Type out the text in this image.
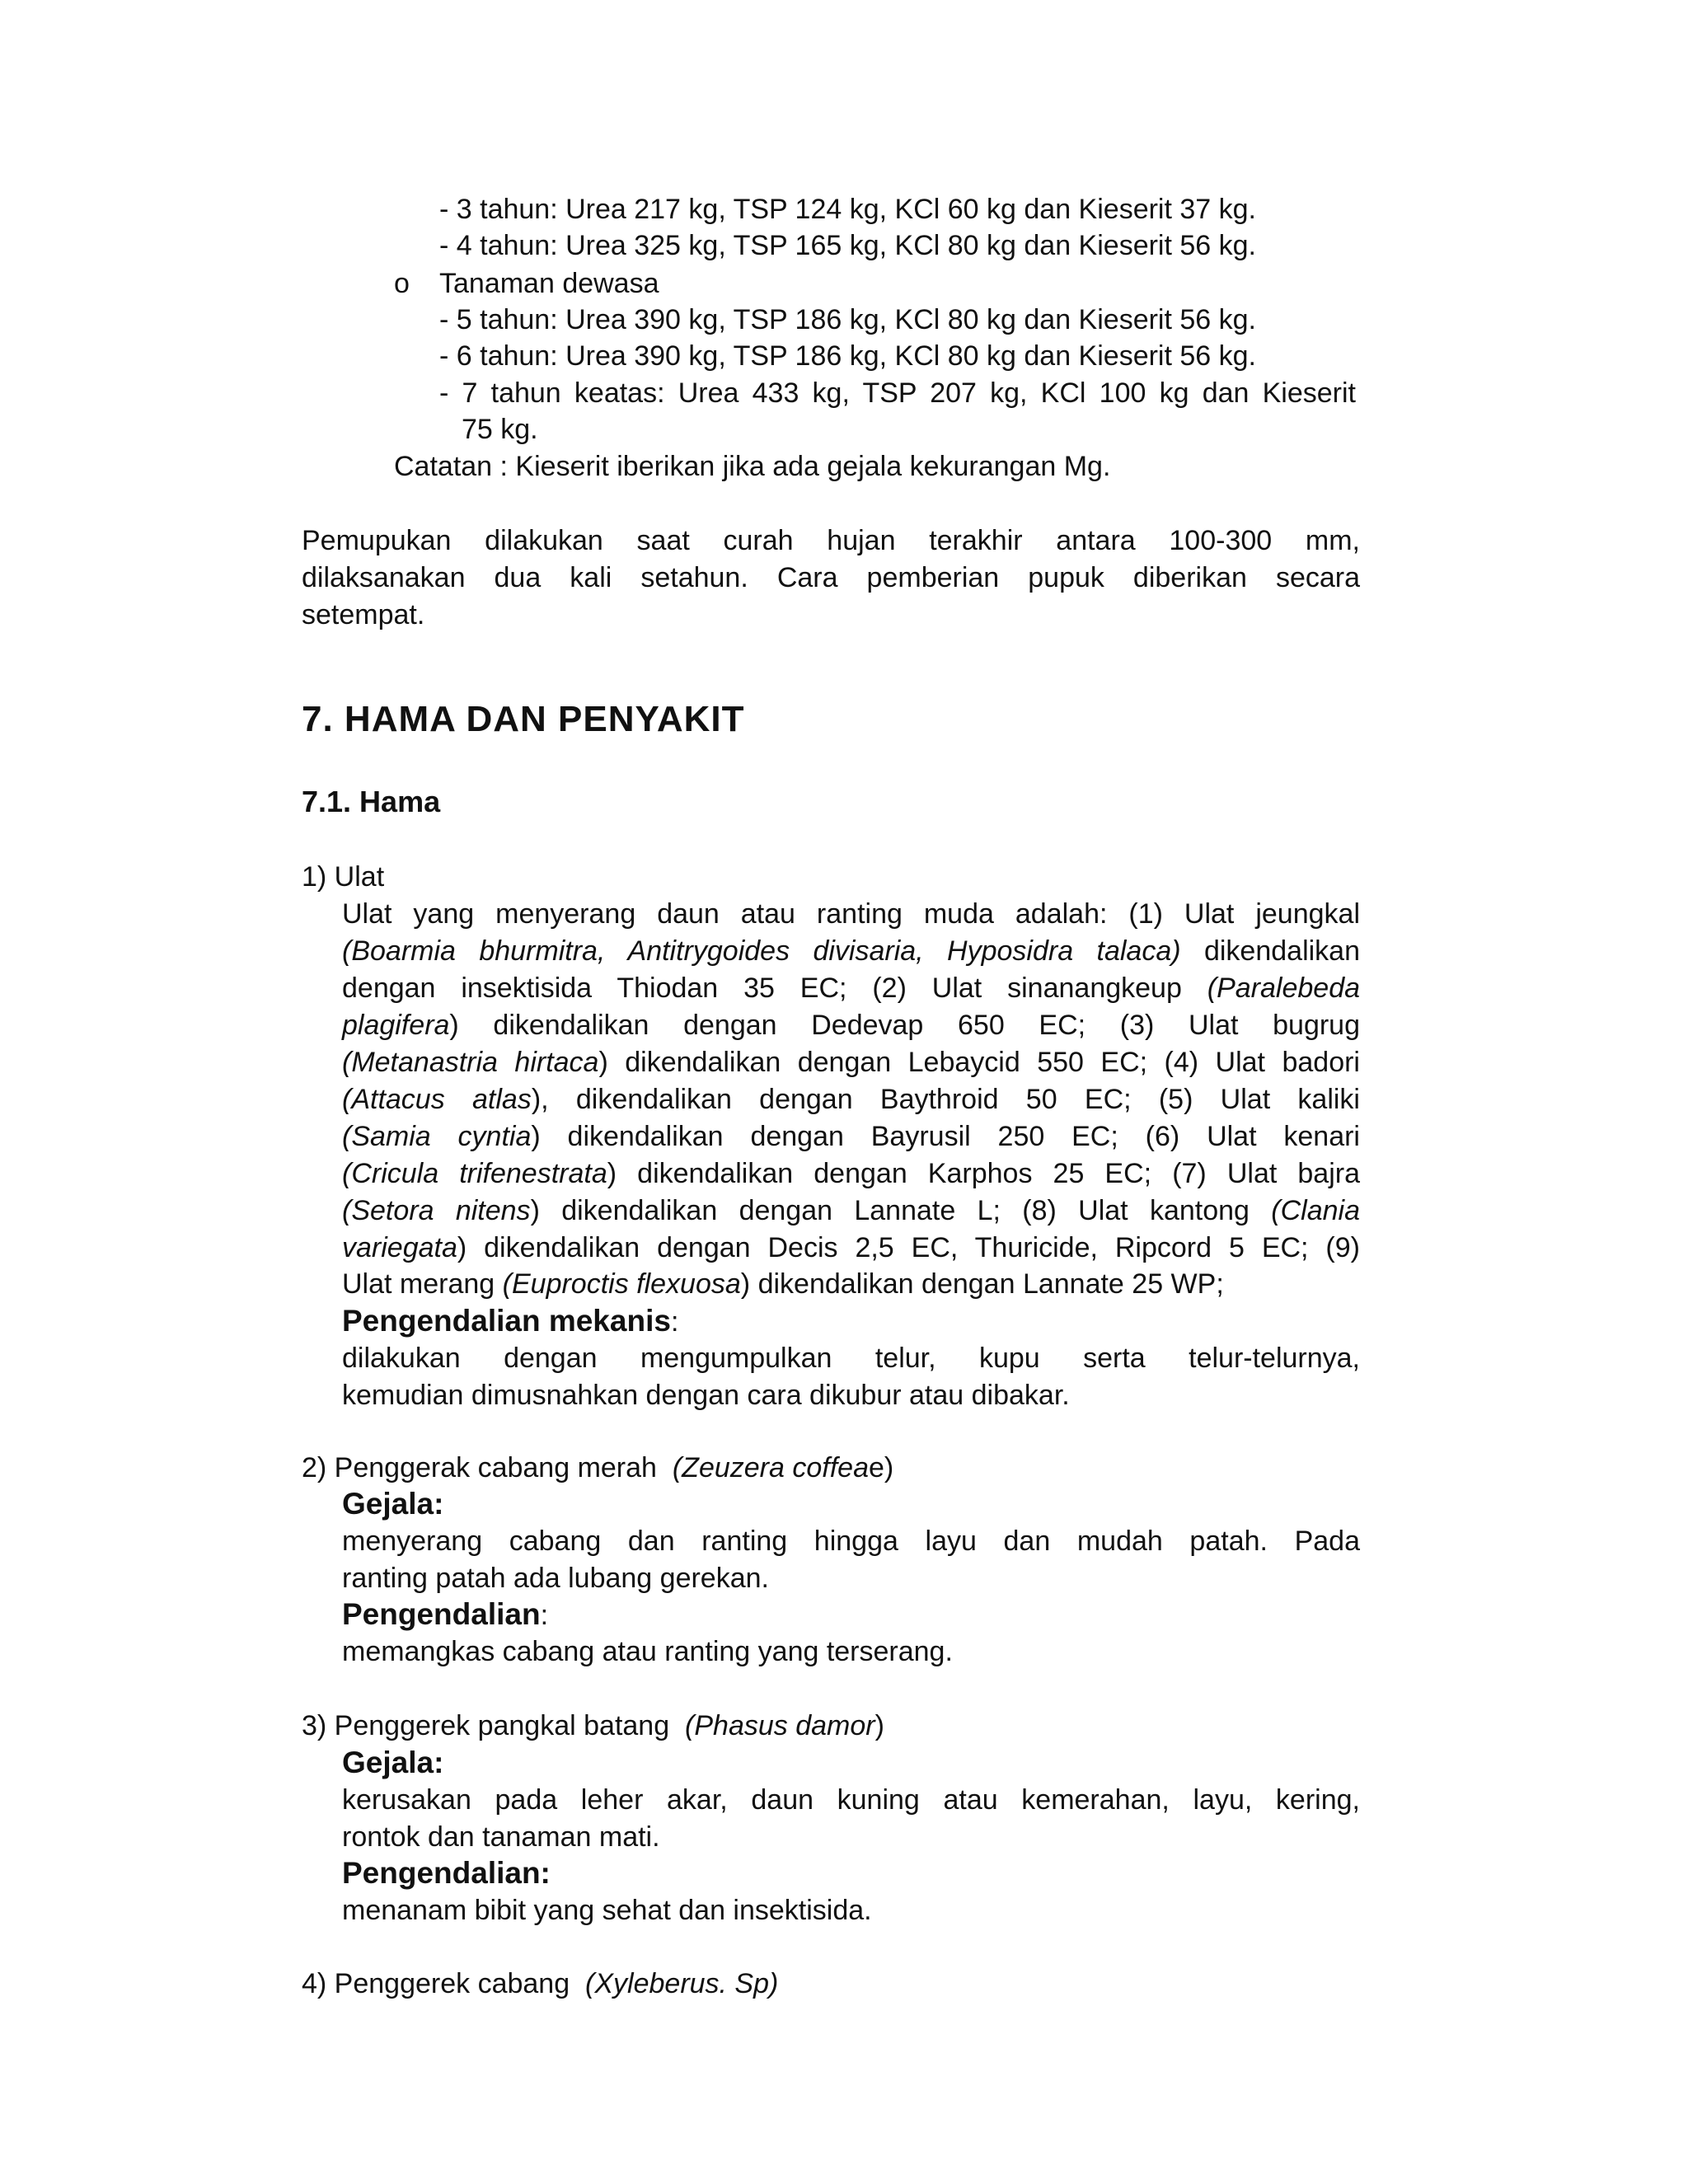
- 3 tahun: Urea 217 kg, TSP 124 kg, KCl 60 kg dan Kieserit 37 kg.
- 4 tahun: Urea 325 kg, TSP 165 kg, KCl 80 kg dan Kieserit 56 kg.
o Tanaman dewasa
- 5 tahun: Urea 390 kg, TSP 186 kg, KCl 80 kg dan Kieserit 56 kg.
- 6 tahun: Urea 390 kg, TSP 186 kg, KCl 80 kg dan Kieserit 56 kg.
- 7 tahun keatas: Urea 433 kg, TSP 207 kg, KCl 100 kg dan Kieserit
75 kg.
Catatan : Kieserit iberikan jika ada gejala kekurangan Mg.
Pemupukan dilakukan saat curah hujan terakhir antara 100-300 mm,
dilaksanakan dua kali setahun. Cara pemberian pupuk diberikan secara
setempat.
7. HAMA DAN PENYAKIT
7.1. Hama
1) Ulat
Ulat yang menyerang daun atau ranting muda adalah: (1) Ulat jeungkal
(Boarmia bhurmitra, Antitrygoides divisaria, Hyposidra talaca) dikendalikan
dengan insektisida Thiodan 35 EC; (2) Ulat sinanangkeup (Paralebeda
plagifera) dikendalikan dengan Dedevap 650 EC; (3) Ulat bugrug
(Metanastria hirtaca) dikendalikan dengan Lebaycid 550 EC; (4) Ulat badori
(Attacus atlas), dikendalikan dengan Baythroid 50 EC; (5) Ulat kaliki
(Samia cyntia) dikendalikan dengan Bayrusil 250 EC; (6) Ulat kenari
(Cricula trifenestrata) dikendalikan dengan Karphos 25 EC; (7) Ulat bajra
(Setora nitens) dikendalikan dengan Lannate L; (8) Ulat kantong (Clania
variegata) dikendalikan dengan Decis 2,5 EC, Thuricide, Ripcord 5 EC; (9)
Ulat merang (Euproctis flexuosa) dikendalikan dengan Lannate 25 WP;
Pengendalian mekanis:
dilakukan dengan mengumpulkan telur, kupu serta telur-telurnya,
kemudian dimusnahkan dengan cara dikubur atau dibakar.
2) Penggerak cabang merah (Zeuzera coffeae)
Gejala:
menyerang cabang dan ranting hingga layu dan mudah patah. Pada
ranting patah ada lubang gerekan.
Pengendalian:
memangkas cabang atau ranting yang terserang.
3) Penggerek pangkal batang (Phasus damor)
Gejala:
kerusakan pada leher akar, daun kuning atau kemerahan, layu, kering,
rontok dan tanaman mati.
Pengendalian:
menanam bibit yang sehat dan insektisida.
4) Penggerek cabang (Xyleberus. Sp)
